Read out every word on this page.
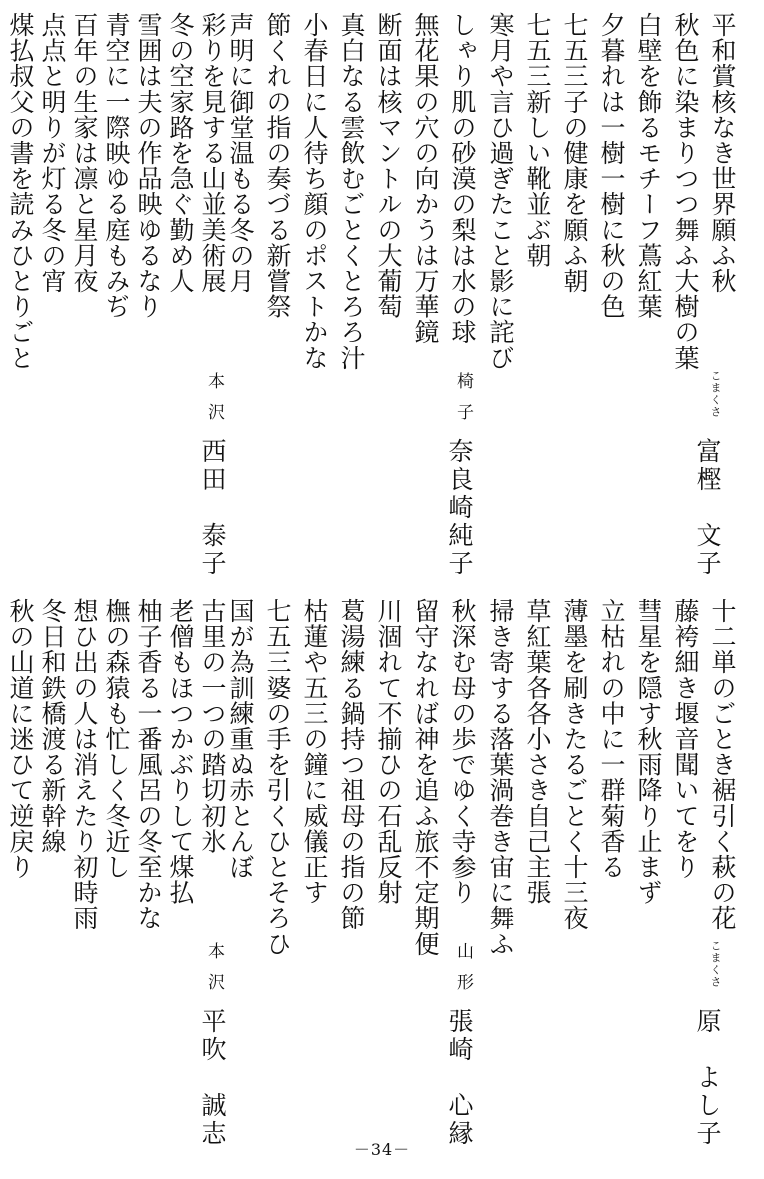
平和賞核なき世界願ふ秋
秋色に染まりつつ舞ふ大樹の葉
白壁を飾るモチーフ蔦紅葉
夕暮れは一樹一樹に秋の色
七五三子の健康を願ふ朝
七五三新しい靴並ぶ朝
寒月や言ひ過ぎたこと影に詫び
こまくさ
富樫　文子
しゃり肌の砂漠の梨は水の球
無花果の穴の向かうは万華鏡
断面は核マントルの大葡萄
真白なる雲飲むごとくとろろ汁
小春日に人待ち顔のポストかな
節くれの指の奏づる新嘗祭
声明に御堂温もる冬の月
椅子
奈良崎純子
本沢
西田　泰子
彩りを見する山並美術展
冬の空家路を急ぐ勤め人
雪囲は夫の作品映ゆるなり
青空に一際映ゆる庭もみぢ
百年の生家は凛と星月夜
点点と明りが灯る冬の宵
煤払叔父の書を読みひとりごと
十二単のごとき裾引く萩の花
藤袴細き堰音聞いてをり
彗星を隠す秋雨降り止まず
立枯れの中に一群菊香る
薄墨を刷きたるごとく十三夜
草紅葉各各小さき自己主張
掃き寄する落葉渦巻き宙に舞ふ
こまくさ
原　よし子
秋深む母の歩でゆく寺参り
留守なれば神を追ふ旅不定期便
川涸れて不揃ひの石乱反射
葛湯練る鍋持つ祖母の指の節
枯蓮や五三の鐘に威儀正す
七五三婆の手を引くひとそろひ
国が為訓練重ぬ赤とんぼ
山形
張崎　心縁
本沢
平吹　誠志
古里の一つの踏切初氷
老僧もほつかぶりして煤払
柚子香る一番風呂の冬至かな
橅の森猿も忙しく冬近し
想ひ出の人は消えたり初時雨
冬日和鉄橋渡る新幹線
秋の山道に迷ひて逆戻り
－34－
